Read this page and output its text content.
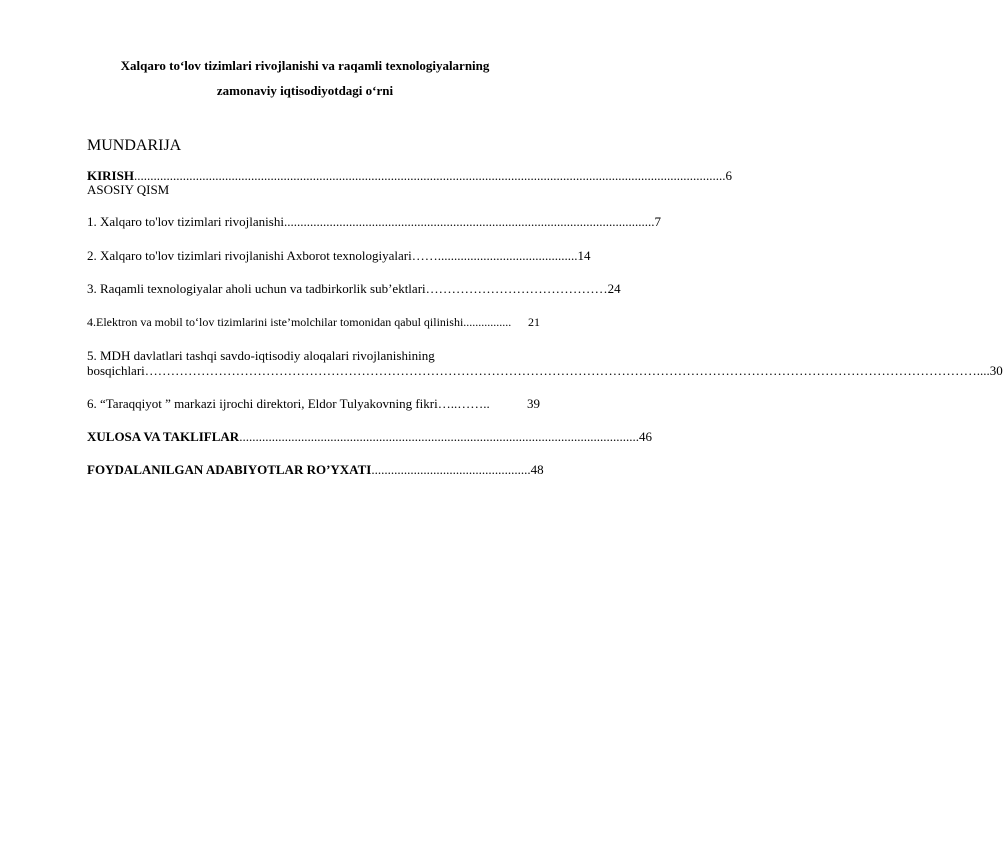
Xalqaro to‘lov tizimlari rivojlanishi va raqamli texnologiyalarning
zamonaviy iqtisodiyotdagi o‘rni
MUNDARIJA
KIRISH ...................................................................................................................................................................................... 6
ASOSIY QISM
1. Xalqaro to'lov tizimlari rivojlanishi .................................................................................................................. 7
2. Xalqaro to'lov tizimlari rivojlanishi Axborot texnologiyalari ……........................................... 14
3. Raqamli texnologiyalar aholi uchun va tadbirkorlik sub’ektlari …………………………………… 24
4.Elektron va mobil to‘lov tizimlarini iste’molchilar tomonidan qabul qilinishi ................	21
5. MDH davlatlari tashqi savdo-iqtisodiy aloqalari rivojlanishining
bosqichlari ………………………………………………………………………………………………………………………………………………………………………….. ..30
6. “Taraqqiyot ” markazi ijrochi direktori, Eldor Tulyakovning fikri …..……..	39
XULOSA VA TAKLIFLAR ........................................................................................................................... 46
FOYDALANILGAN ADABIYOTLAR RO’YXATI ................................................. 48
